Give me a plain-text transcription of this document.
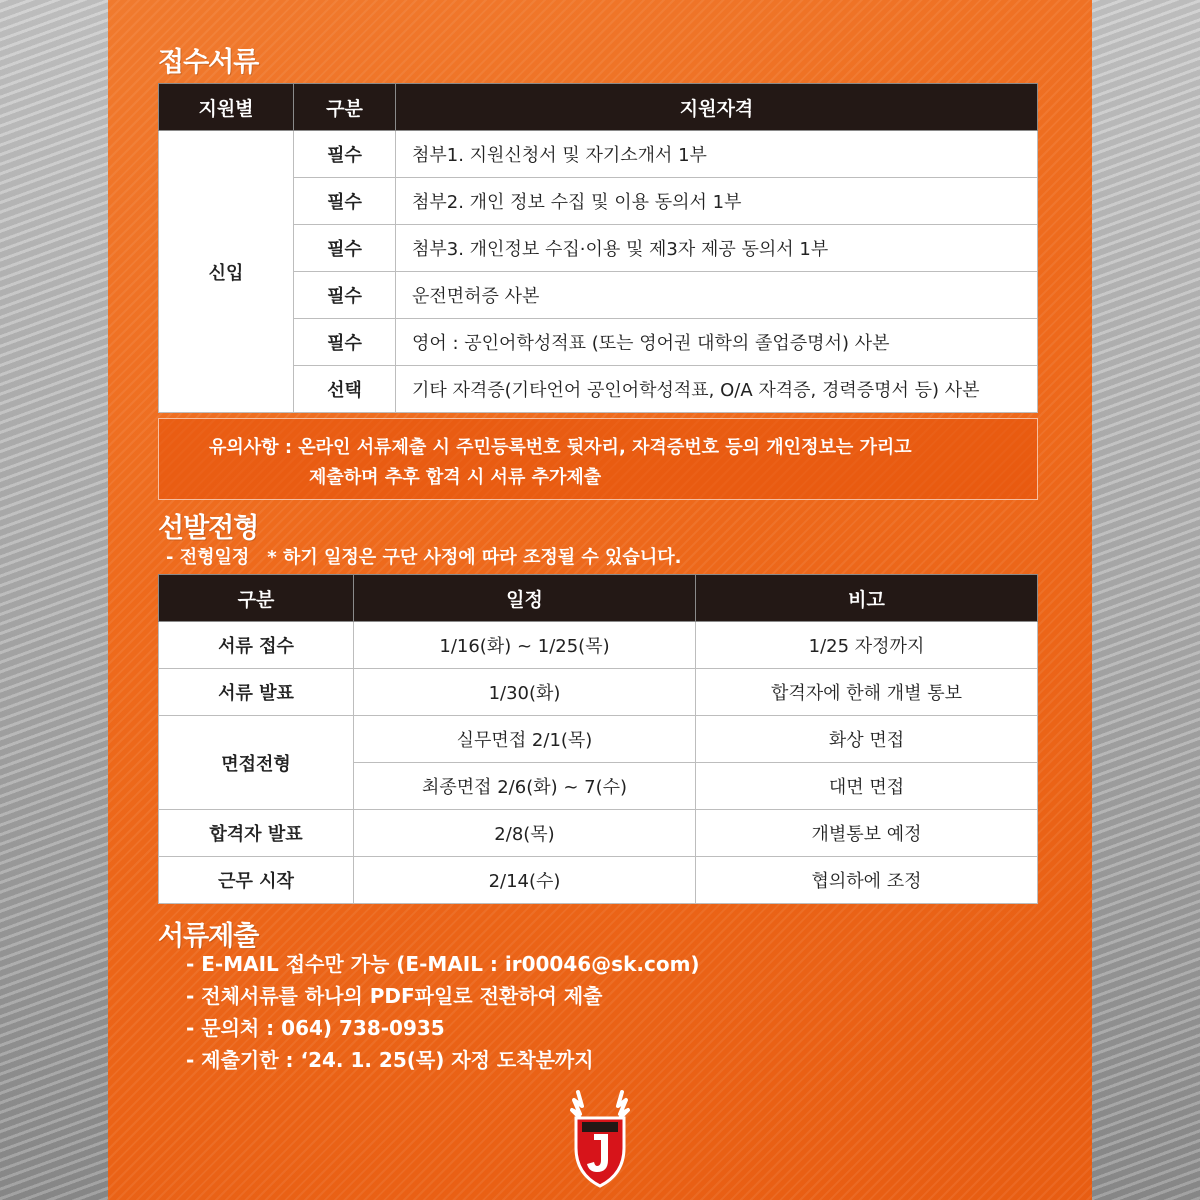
접수서류
지원별	구분	지원자격
신입	필수	첨부1. 지원신청서 및 자기소개서 1부
	필수	첨부2. 개인 정보 수집 및 이용 동의서 1부
	필수	첨부3. 개인정보 수집·이용 및 제3자 제공 동의서 1부
	필수	운전면허증 사본
	필수	영어 : 공인어학성적표 (또는 영어권 대학의 졸업증명서) 사본
	선택	기타 자격증(기타언어 공인어학성적표, O/A 자격증, 경력증명서 등) 사본
유의사항 : 온라인 서류제출 시 주민등록번호 뒷자리, 자격증번호 등의 개인정보는 가리고
제출하며 추후 합격 시 서류 추가제출
선발전형
- 전형일정 * 하기 일정은 구단 사정에 따라 조정될 수 있습니다.
구분	일정	비고
서류 접수	1/16(화) ~ 1/25(목)	1/25 자정까지
서류 발표	1/30(화)	합격자에 한해 개별 통보
면접전형	실무면접 2/1(목)	화상 면접
	최종면접 2/6(화) ~ 7(수)	대면 면접
합격자 발표	2/8(목)	개별통보 예정
근무 시작	2/14(수)	협의하에 조정
서류제출
- E-MAIL 접수만 가능 (E-MAIL : ir00046@sk.com)
- 전체서류를 하나의 PDF파일로 전환하여 제출
- 문의처 : 064) 738-0935
- 제출기한 : ‘24. 1. 25(목) 자정 도착분까지
